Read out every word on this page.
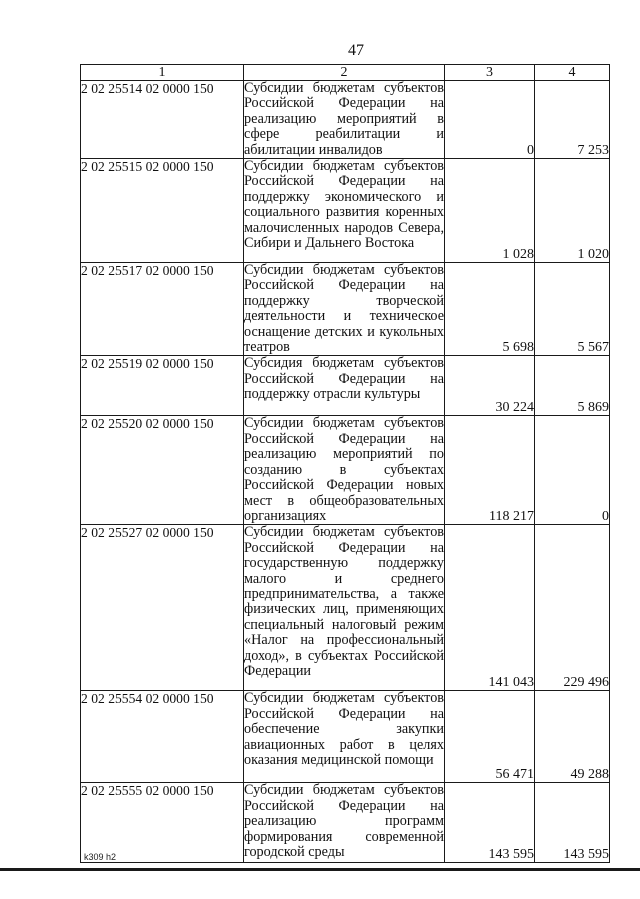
47
1	2	3	4
2 02 25514 02 0000 150	Субсидии бюджетам субъектов Российской Федерации на реализацию мероприятий в сфере реабилитации и абилитации инвалидов	0	7 253
2 02 25515 02 0000 150	Субсидии бюджетам субъектов Российской Федерации на поддержку экономического и социального развития коренных малочисленных народов Севера, Сибири и Дальнего Востока	1 028	1 020
2 02 25517 02 0000 150	Субсидии бюджетам субъектов Российской Федерации на поддержку творческой деятельности и техническое оснащение детских и кукольных театров	5 698	5 567
2 02 25519 02 0000 150	Субсидия бюджетам субъектов Российской Федерации на поддержку отрасли культуры	30 224	5 869
2 02 25520 02 0000 150	Субсидии бюджетам субъектов Российской Федерации на реализацию мероприятий по созданию в субъектах Российской Федерации новых мест в общеобразовательных организациях	118 217	0
2 02 25527 02 0000 150	Субсидии бюджетам субъектов Российской Федерации на государственную поддержку малого и среднего предпринимательства, а также физических лиц, применяющих специальный налоговый режим «Налог на профессиональный доход», в субъектах Российской Федерации	141 043	229 496
2 02 25554 02 0000 150	Субсидии бюджетам субъектов Российской Федерации на обеспечение закупки авиационных работ в целях оказания медицинской помощи	56 471	49 288
2 02 25555 02 0000 150	Субсидии бюджетам субъектов Российской Федерации на реализацию программ формирования современной городской среды	143 595	143 595
k309 h2
